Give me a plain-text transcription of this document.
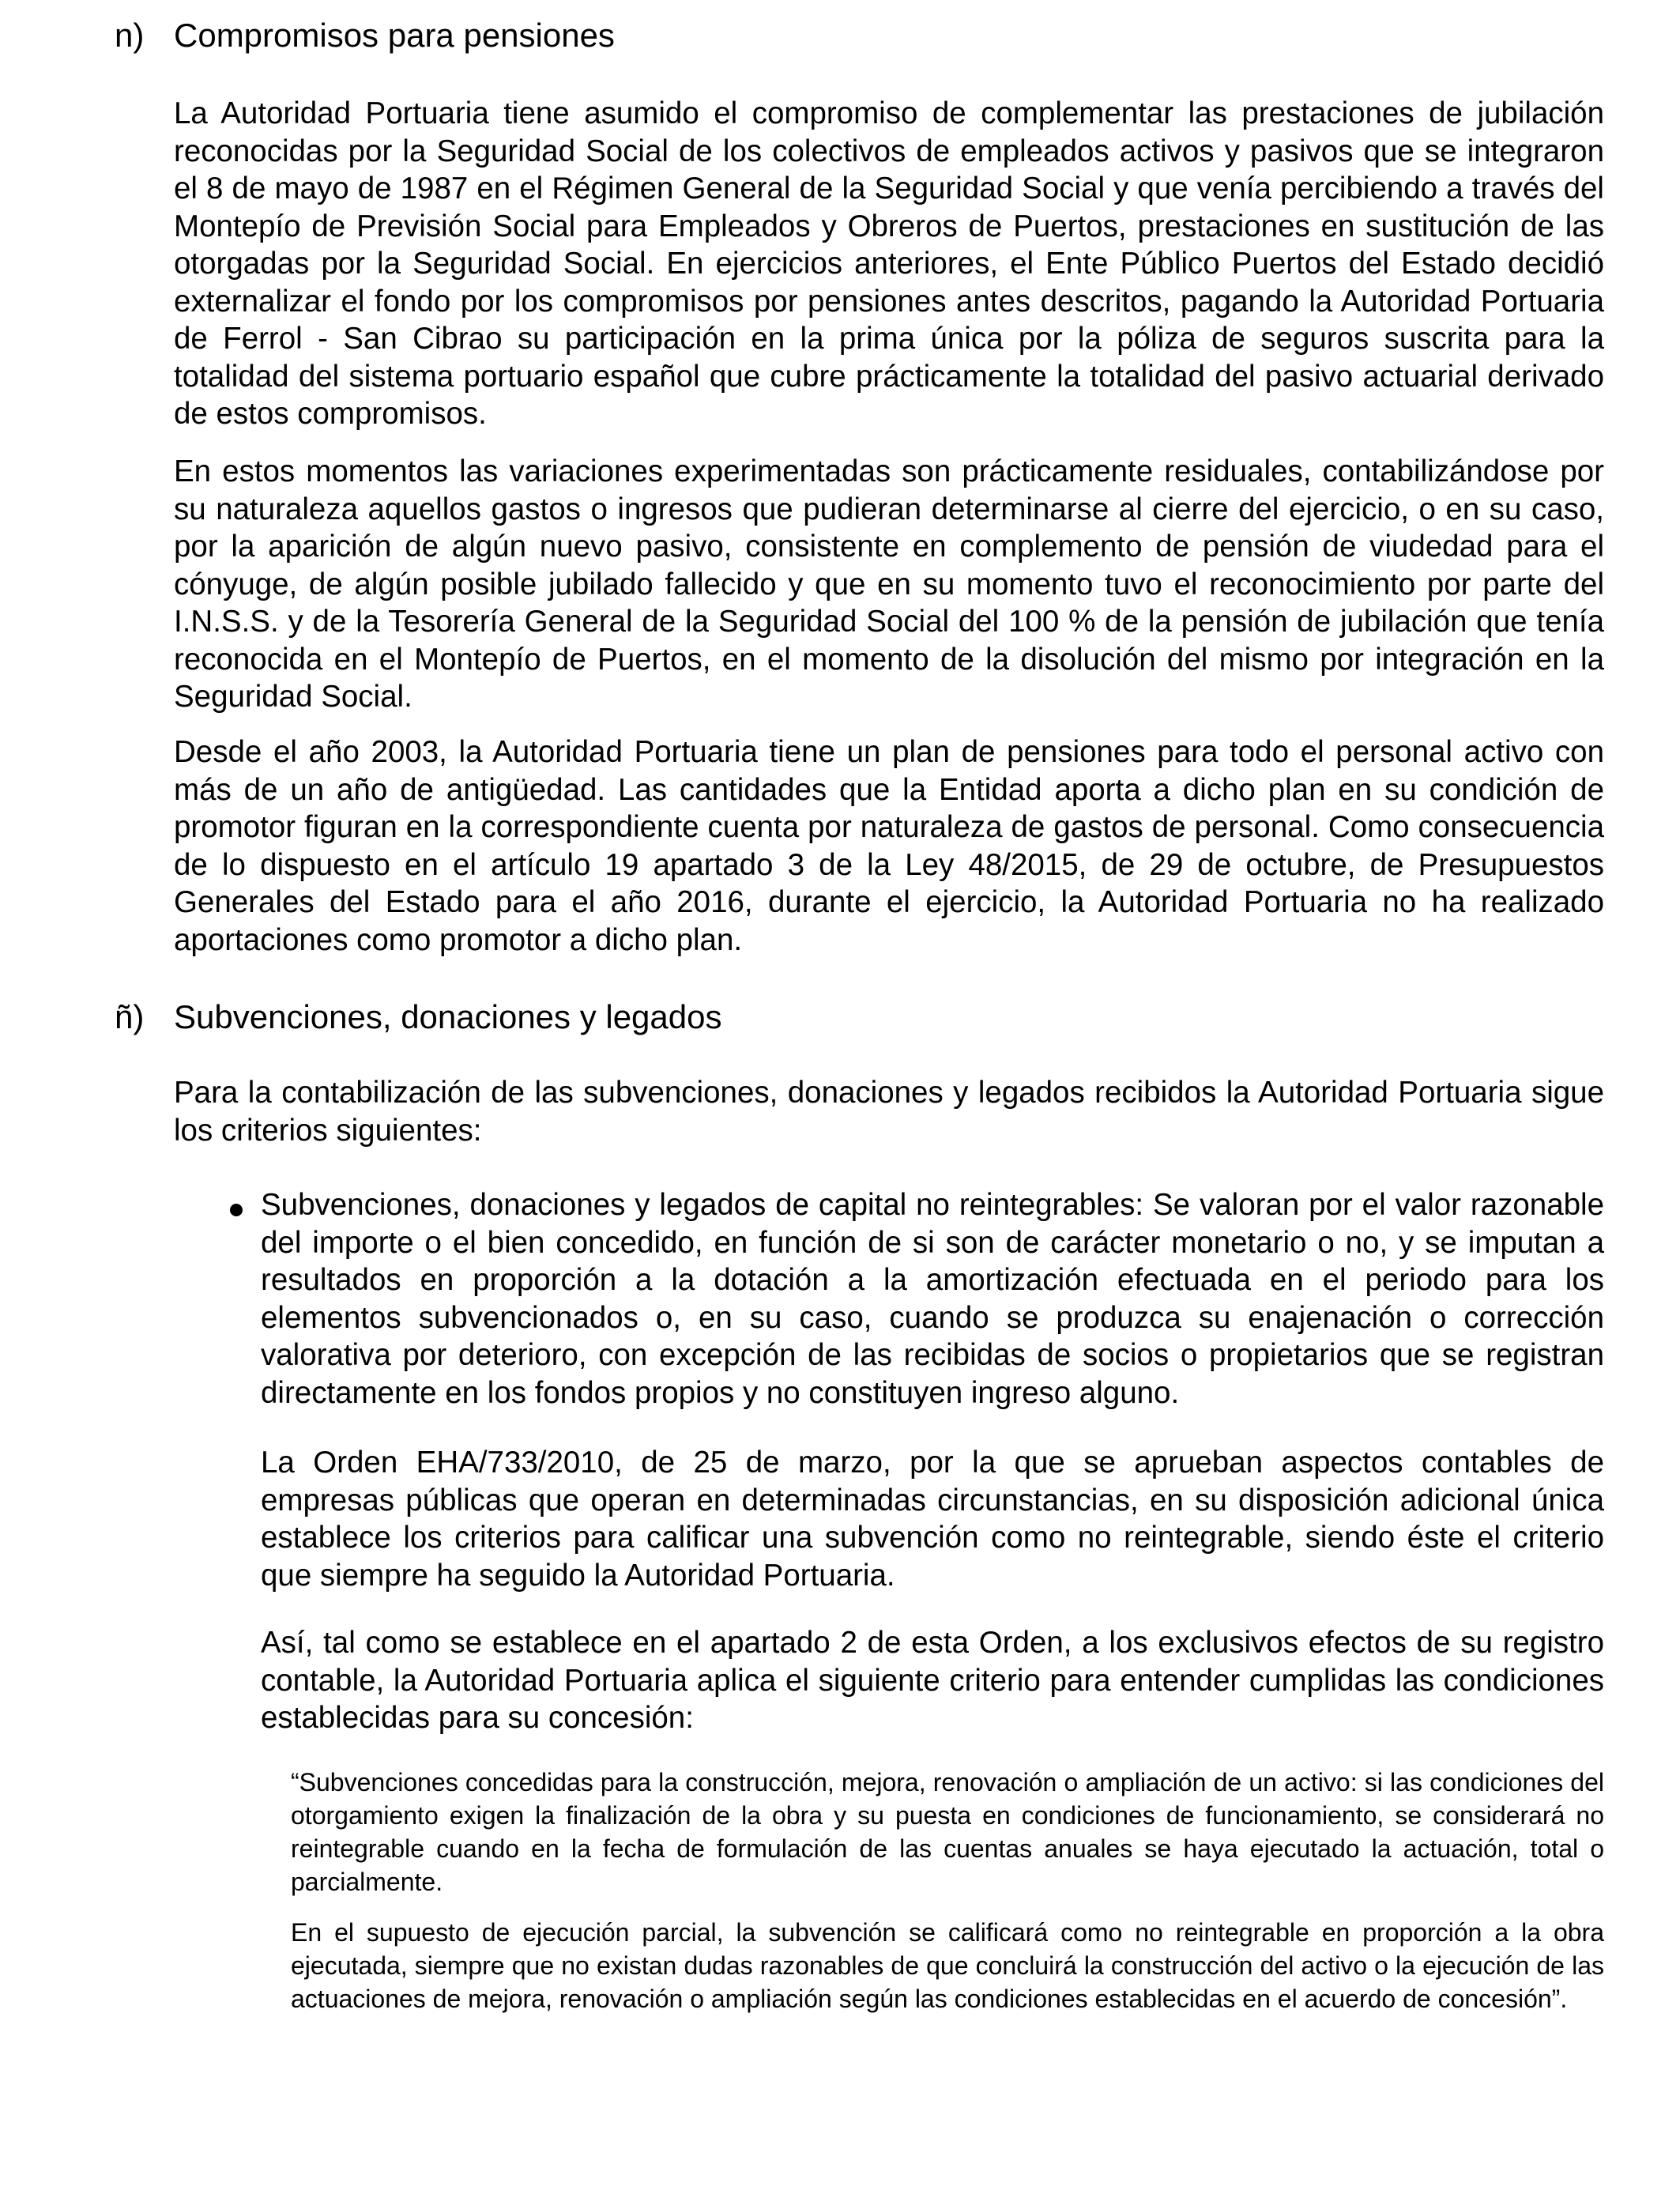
n) Compromisos para pensiones

La Autoridad Portuaria tiene asumido el compromiso de complementar las prestaciones de jubilación reconocidas por la Seguridad Social de los colectivos de empleados activos y pasivos que se integraron el 8 de mayo de 1987 en el Régimen General de la Seguridad Social y que venía percibiendo a través del Montepío de Previsión Social para Empleados y Obreros de Puertos, prestaciones en sustitución de las otorgadas por la Seguridad Social. En ejercicios anteriores, el Ente Público Puertos del Estado decidió externalizar el fondo por los compromisos por pensiones antes descritos, pagando la Autoridad Portuaria de Ferrol - San Cibrao su participación en la prima única por la póliza de seguros suscrita para la totalidad del sistema portuario español que cubre prácticamente la totalidad del pasivo actuarial derivado de estos compromisos.

En estos momentos las variaciones experimentadas son prácticamente residuales, contabilizándose por su naturaleza aquellos gastos o ingresos que pudieran determinarse al cierre del ejercicio, o en su caso, por la aparición de algún nuevo pasivo, consistente en complemento de pensión de viudedad para el cónyuge, de algún posible jubilado fallecido y que en su momento tuvo el reconocimiento por parte del I.N.S.S. y de la Tesorería General de la Seguridad Social del 100 % de la pensión de jubilación que tenía reconocida en el Montepío de Puertos, en el momento de la disolución del mismo por integración en la Seguridad Social.

Desde el año 2003, la Autoridad Portuaria tiene un plan de pensiones para todo el personal activo con más de un año de antigüedad. Las cantidades que la Entidad aporta a dicho plan en su condición de promotor figuran en la correspondiente cuenta por naturaleza de gastos de personal. Como consecuencia de lo dispuesto en el artículo 19 apartado 3 de la Ley 48/2015, de 29 de octubre, de Presupuestos Generales del Estado para el año 2016, durante el ejercicio, la Autoridad Portuaria no ha realizado aportaciones como promotor a dicho plan.

ñ) Subvenciones, donaciones y legados

Para la contabilización de las subvenciones, donaciones y legados recibidos la Autoridad Portuaria sigue los criterios siguientes:

Subvenciones, donaciones y legados de capital no reintegrables: Se valoran por el valor razonable del importe o el bien concedido, en función de si son de carácter monetario o no, y se imputan a resultados en proporción a la dotación a la amortización efectuada en el periodo para los elementos subvencionados o, en su caso, cuando se produzca su enajenación o corrección valorativa por deterioro, con excepción de las recibidas de socios o propietarios que se registran directamente en los fondos propios y no constituyen ingreso alguno.

La Orden EHA/733/2010, de 25 de marzo, por la que se aprueban aspectos contables de empresas públicas que operan en determinadas circunstancias, en su disposición adicional única establece los criterios para calificar una subvención como no reintegrable, siendo éste el criterio que siempre ha seguido la Autoridad Portuaria.

Así, tal como se establece en el apartado 2 de esta Orden, a los exclusivos efectos de su registro contable, la Autoridad Portuaria aplica el siguiente criterio para entender cumplidas las condiciones establecidas para su concesión:

“Subvenciones concedidas para la construcción, mejora, renovación o ampliación de un activo: si las condiciones del otorgamiento exigen la finalización de la obra y su puesta en condiciones de funcionamiento, se considerará no reintegrable cuando en la fecha de formulación de las cuentas anuales se haya ejecutado la actuación, total o parcialmente.

En el supuesto de ejecución parcial, la subvención se calificará como no reintegrable en proporción a la obra ejecutada, siempre que no existan dudas razonables de que concluirá la construcción del activo o la ejecución de las actuaciones de mejora, renovación o ampliación según las condiciones establecidas en el acuerdo de concesión”.
